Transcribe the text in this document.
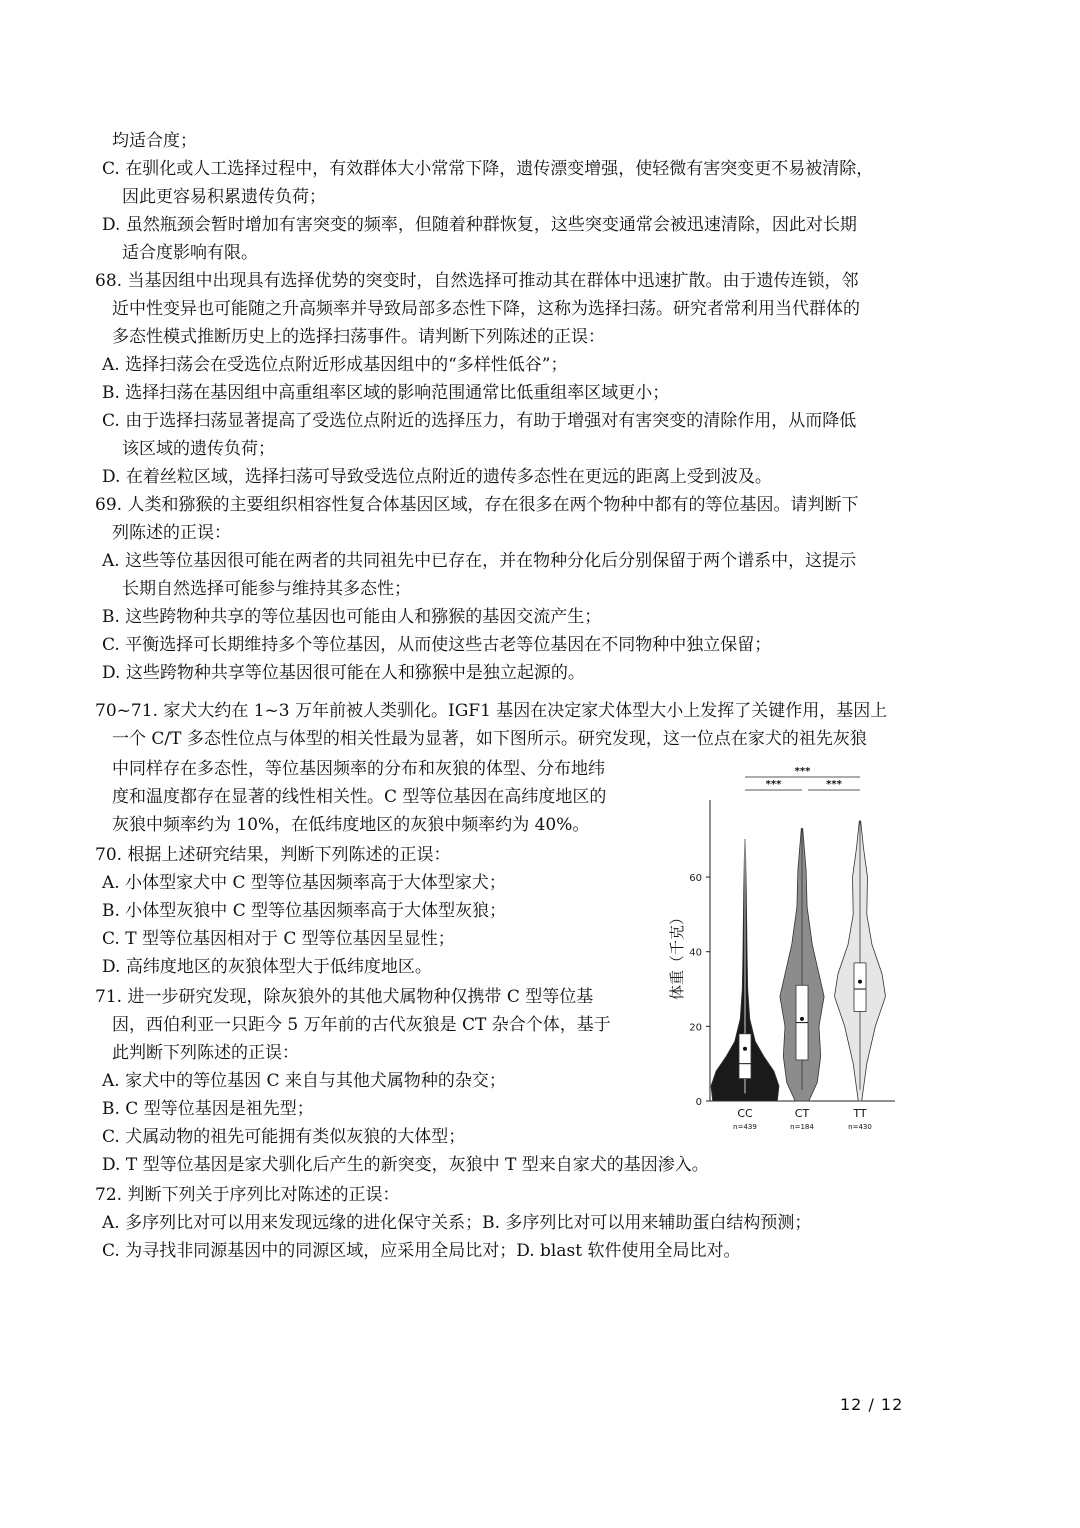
均适合度；
C. 在驯化或人工选择过程中，有效群体大小常常下降，遗传漂变增强，使轻微有害突变更不易被清除，
因此更容易积累遗传负荷；
D. 虽然瓶颈会暂时增加有害突变的频率，但随着种群恢复，这些突变通常会被迅速清除，因此对长期
适合度影响有限。
68. 当基因组中出现具有选择优势的突变时，自然选择可推动其在群体中迅速扩散。由于遗传连锁，邻
近中性变异也可能随之升高频率并导致局部多态性下降，这称为选择扫荡。研究者常利用当代群体的
多态性模式推断历史上的选择扫荡事件。请判断下列陈述的正误：
A. 选择扫荡会在受选位点附近形成基因组中的“多样性低谷”；
B. 选择扫荡在基因组中高重组率区域的影响范围通常比低重组率区域更小；
C. 由于选择扫荡显著提高了受选位点附近的选择压力，有助于增强对有害突变的清除作用，从而降低
该区域的遗传负荷；
D. 在着丝粒区域，选择扫荡可导致受选位点附近的遗传多态性在更远的距离上受到波及。
69. 人类和猕猴的主要组织相容性复合体基因区域，存在很多在两个物种中都有的等位基因。请判断下
列陈述的正误：
A. 这些等位基因很可能在两者的共同祖先中已存在，并在物种分化后分别保留于两个谱系中，这提示
长期自然选择可能参与维持其多态性；
B. 这些跨物种共享的等位基因也可能由人和猕猴的基因交流产生；
C. 平衡选择可长期维持多个等位基因，从而使这些古老等位基因在不同物种中独立保留；
D. 这些跨物种共享等位基因很可能在人和猕猴中是独立起源的。
70~71. 家犬大约在 1~3 万年前被人类驯化。IGF1 基因在决定家犬体型大小上发挥了关键作用，基因上
一个 C/T 多态性位点与体型的相关性最为显著，如下图所示。研究发现，这一位点在家犬的祖先灰狼
中同样存在多态性，等位基因频率的分布和灰狼的体型、分布地纬
度和温度都存在显著的线性相关性。C 型等位基因在高纬度地区的
灰狼中频率约为 10%，在低纬度地区的灰狼中频率约为 40%。
70. 根据上述研究结果，判断下列陈述的正误：
A. 小体型家犬中 C 型等位基因频率高于大体型家犬；
B. 小体型灰狼中 C 型等位基因频率高于大体型灰狼；
C. T 型等位基因相对于 C 型等位基因呈显性；
D. 高纬度地区的灰狼体型大于低纬度地区。
71. 进一步研究发现，除灰狼外的其他犬属物种仅携带 C 型等位基
因，西伯利亚一只距今 5 万年前的古代灰狼是 CT 杂合个体，基于
此判断下列陈述的正误：
A. 家犬中的等位基因 C 来自与其他犬属物种的杂交；
B. C 型等位基因是祖先型；
C. 犬属动物的祖先可能拥有类似灰狼的大体型；
D. T 型等位基因是家犬驯化后产生的新突变，灰狼中 T 型来自家犬的基因渗入。
72. 判断下列关于序列比对陈述的正误：
A. 多序列比对可以用来发现远缘的进化保守关系；B. 多序列比对可以用来辅助蛋白结构预测；
C. 为寻找非同源基因中的同源区域，应采用全局比对；D. blast 软件使用全局比对。
体重（千克）
0
20
40
60
CC
n=439
CT
n=184
TT
n=430
***	***
***
12 / 12
